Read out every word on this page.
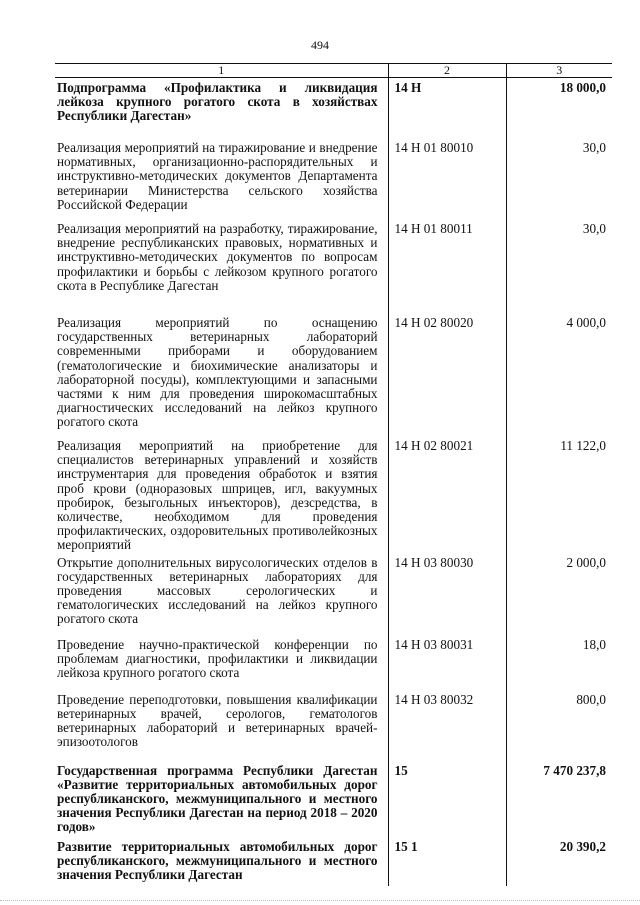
494
1	2	3
Подпрограмма «Профилактика и ликвидация лейкоза крупного рогатого скота в хозяйствах Республики Дагестан»	14 Н	18 000,0
Реализация мероприятий на тиражирование и внедрение нормативных, организационно-распорядительных и инструктивно-методических документов Департамента ветеринарии Министерства сельского хозяйства Российской Федерации	14 Н 01 80010	30,0
Реализация мероприятий на разработку, тиражирование, внедрение республиканских правовых, нормативных и инструктивно-методических документов по вопросам профилактики и борьбы с лейкозом крупного рогатого скота в Республике Дагестан	14 Н 01 80011	30,0
Реализация мероприятий по оснащению государственных ветеринарных лабораторий современными приборами и оборудованием (гематологические и биохимические анализаторы и лабораторной посуды), комплектующими и запасными частями к ним для проведения широкомасштабных диагностических исследований на лейкоз крупного рогатого скота	14 Н 02 80020	4 000,0
Реализация мероприятий на приобретение для специалистов ветеринарных управлений и хозяйств инструментария для проведения обработок и взятия проб крови (одноразовых шприцев, игл, вакуумных пробирок, безыгольных инъекторов), дезсредства, в количестве, необходимом для проведения профилактических, оздоровительных противолейкозных мероприятий	14 Н 02 80021	11 122,0
Открытие дополнительных вирусологических отделов в государственных ветеринарных лабораториях для проведения массовых серологических и гематологических исследований на лейкоз крупного рогатого скота	14 Н 03 80030	2 000,0
Проведение научно-практической конференции по проблемам диагностики, профилактики и ликвидации лейкоза крупного рогатого скота	14 Н 03 80031	18,0
Проведение переподготовки, повышения квалификации ветеринарных врачей, серологов, гематологов ветеринарных лабораторий и ветеринарных врачей-эпизоотологов	14 Н 03 80032	800,0
Государственная программа Республики Дагестан «Развитие территориальных автомобильных дорог республиканского, межмуниципального и местного значения Республики Дагестан на период 2018 – 2020 годов»	15	7 470 237,8
Развитие территориальных автомобильных дорог республиканского, межмуниципального и местного значения Республики Дагестан	15 1	20 390,2
